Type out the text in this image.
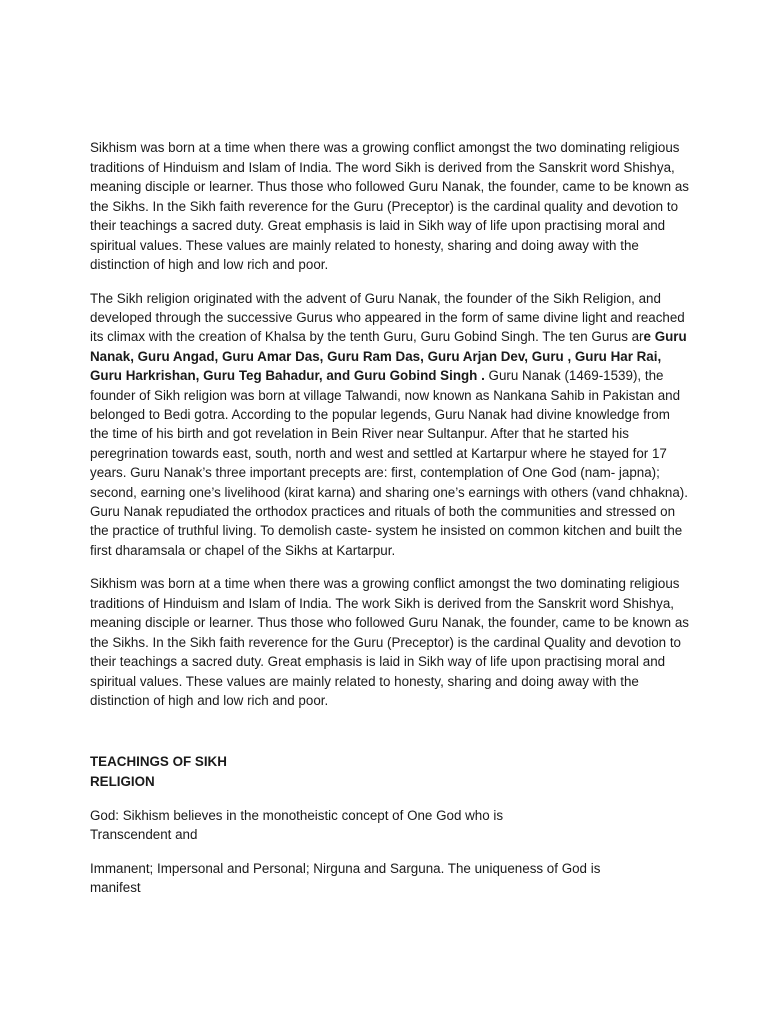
Sikhism was born at a time when there was a growing conflict amongst the two dominating religious traditions of Hinduism and Islam of India. The word Sikh is derived from the Sanskrit word Shishya, meaning disciple or learner. Thus those who followed Guru Nanak, the founder, came to be known as the Sikhs. In the Sikh faith reverence for the Guru (Preceptor) is the cardinal quality and devotion to their teachings a sacred duty. Great emphasis is laid in Sikh way of life upon practising moral and spiritual values. These values are mainly related to honesty, sharing and doing away with the distinction of high and low rich and poor.

The Sikh religion originated with the advent of Guru Nanak, the founder of the Sikh Religion, and developed through the successive Gurus who appeared in the form of same divine light and reached its climax with the creation of Khalsa by the tenth Guru, Guru Gobind Singh. The ten Gurus are Guru Nanak, Guru Angad, Guru Amar Das, Guru Ram Das, Guru Arjan Dev, Guru , Guru Har Rai, Guru Harkrishan, Guru Teg Bahadur, and Guru Gobind Singh . Guru Nanak (1469-1539), the founder of Sikh religion was born at village Talwandi, now known as Nankana Sahib in Pakistan and belonged to Bedi gotra. According to the popular legends, Guru Nanak had divine knowledge from the time of his birth and got revelation in Bein River near Sultanpur. After that he started his peregrination towards east, south, north and west and settled at Kartarpur where he stayed for 17 years. Guru Nanak’s three important precepts are: first, contemplation of One God (nam- japna); second, earning one’s livelihood (kirat karna) and sharing one’s earnings with others (vand chhakna). Guru Nanak repudiated the orthodox practices and rituals of both the communities and stressed on the practice of truthful living. To demolish caste- system he insisted on common kitchen and built the first dharamsala or chapel of the Sikhs at Kartarpur.

Sikhism was born at a time when there was a growing conflict amongst the two dominating religious traditions of Hinduism and Islam of India. The work Sikh is derived from the Sanskrit word Shishya, meaning disciple or learner. Thus those who followed Guru Nanak, the founder, came to be known as the Sikhs. In the Sikh faith reverence for the Guru (Preceptor) is the cardinal Quality and devotion to their teachings a sacred duty. Great emphasis is laid in Sikh way of life upon practising moral and spiritual values. These values are mainly related to honesty, sharing and doing away with the distinction of high and low rich and poor.

TEACHINGS OF SIKH RELIGION

God: Sikhism believes in the monotheistic concept of One God who is Transcendent and

Immanent; Impersonal and Personal; Nirguna and Sarguna. The uniqueness of God is manifest
